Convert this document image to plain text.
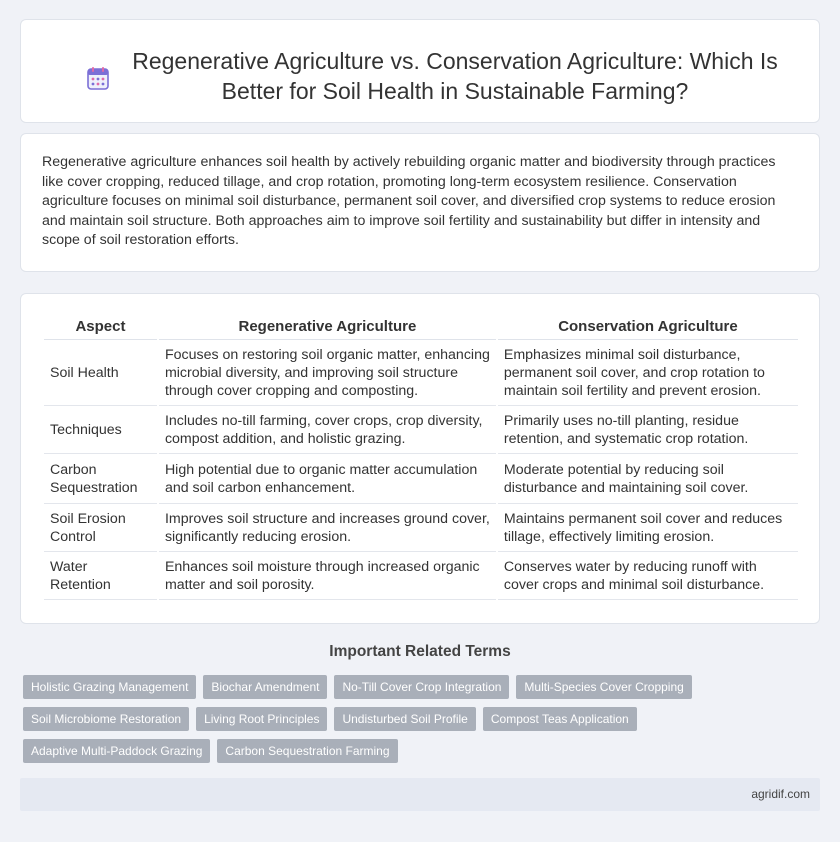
Regenerative Agriculture vs. Conservation Agriculture: Which Is Better for Soil Health in Sustainable Farming?

Regenerative agriculture enhances soil health by actively rebuilding organic matter and biodiversity through practices like cover cropping, reduced tillage, and crop rotation, promoting long-term ecosystem resilience. Conservation agriculture focuses on minimal soil disturbance, permanent soil cover, and diversified crop systems to reduce erosion and maintain soil structure. Both approaches aim to improve soil fertility and sustainability but differ in intensity and scope of soil restoration efforts.

Aspect	Regenerative Agriculture	Conservation Agriculture
Soil Health	Focuses on restoring soil organic matter, enhancing microbial diversity, and improving soil structure through cover cropping and composting.	Emphasizes minimal soil disturbance, permanent soil cover, and crop rotation to maintain soil fertility and prevent erosion.
Techniques	Includes no-till farming, cover crops, crop diversity, compost addition, and holistic grazing.	Primarily uses no-till planting, residue retention, and systematic crop rotation.
Carbon Sequestration	High potential due to organic matter accumulation and soil carbon enhancement.	Moderate potential by reducing soil disturbance and maintaining soil cover.
Soil Erosion Control	Improves soil structure and increases ground cover, significantly reducing erosion.	Maintains permanent soil cover and reduces tillage, effectively limiting erosion.
Water Retention	Enhances soil moisture through increased organic matter and soil porosity.	Conserves water by reducing runoff with cover crops and minimal soil disturbance.
Important Related Terms
Holistic Grazing Management	Biochar Amendment	No-Till Cover Crop Integration	Multi-Species Cover Cropping
Soil Microbiome Restoration	Living Root Principles	Undisturbed Soil Profile	Compost Teas Application
Adaptive Multi-Paddock Grazing	Carbon Sequestration Farming
agridif.com
